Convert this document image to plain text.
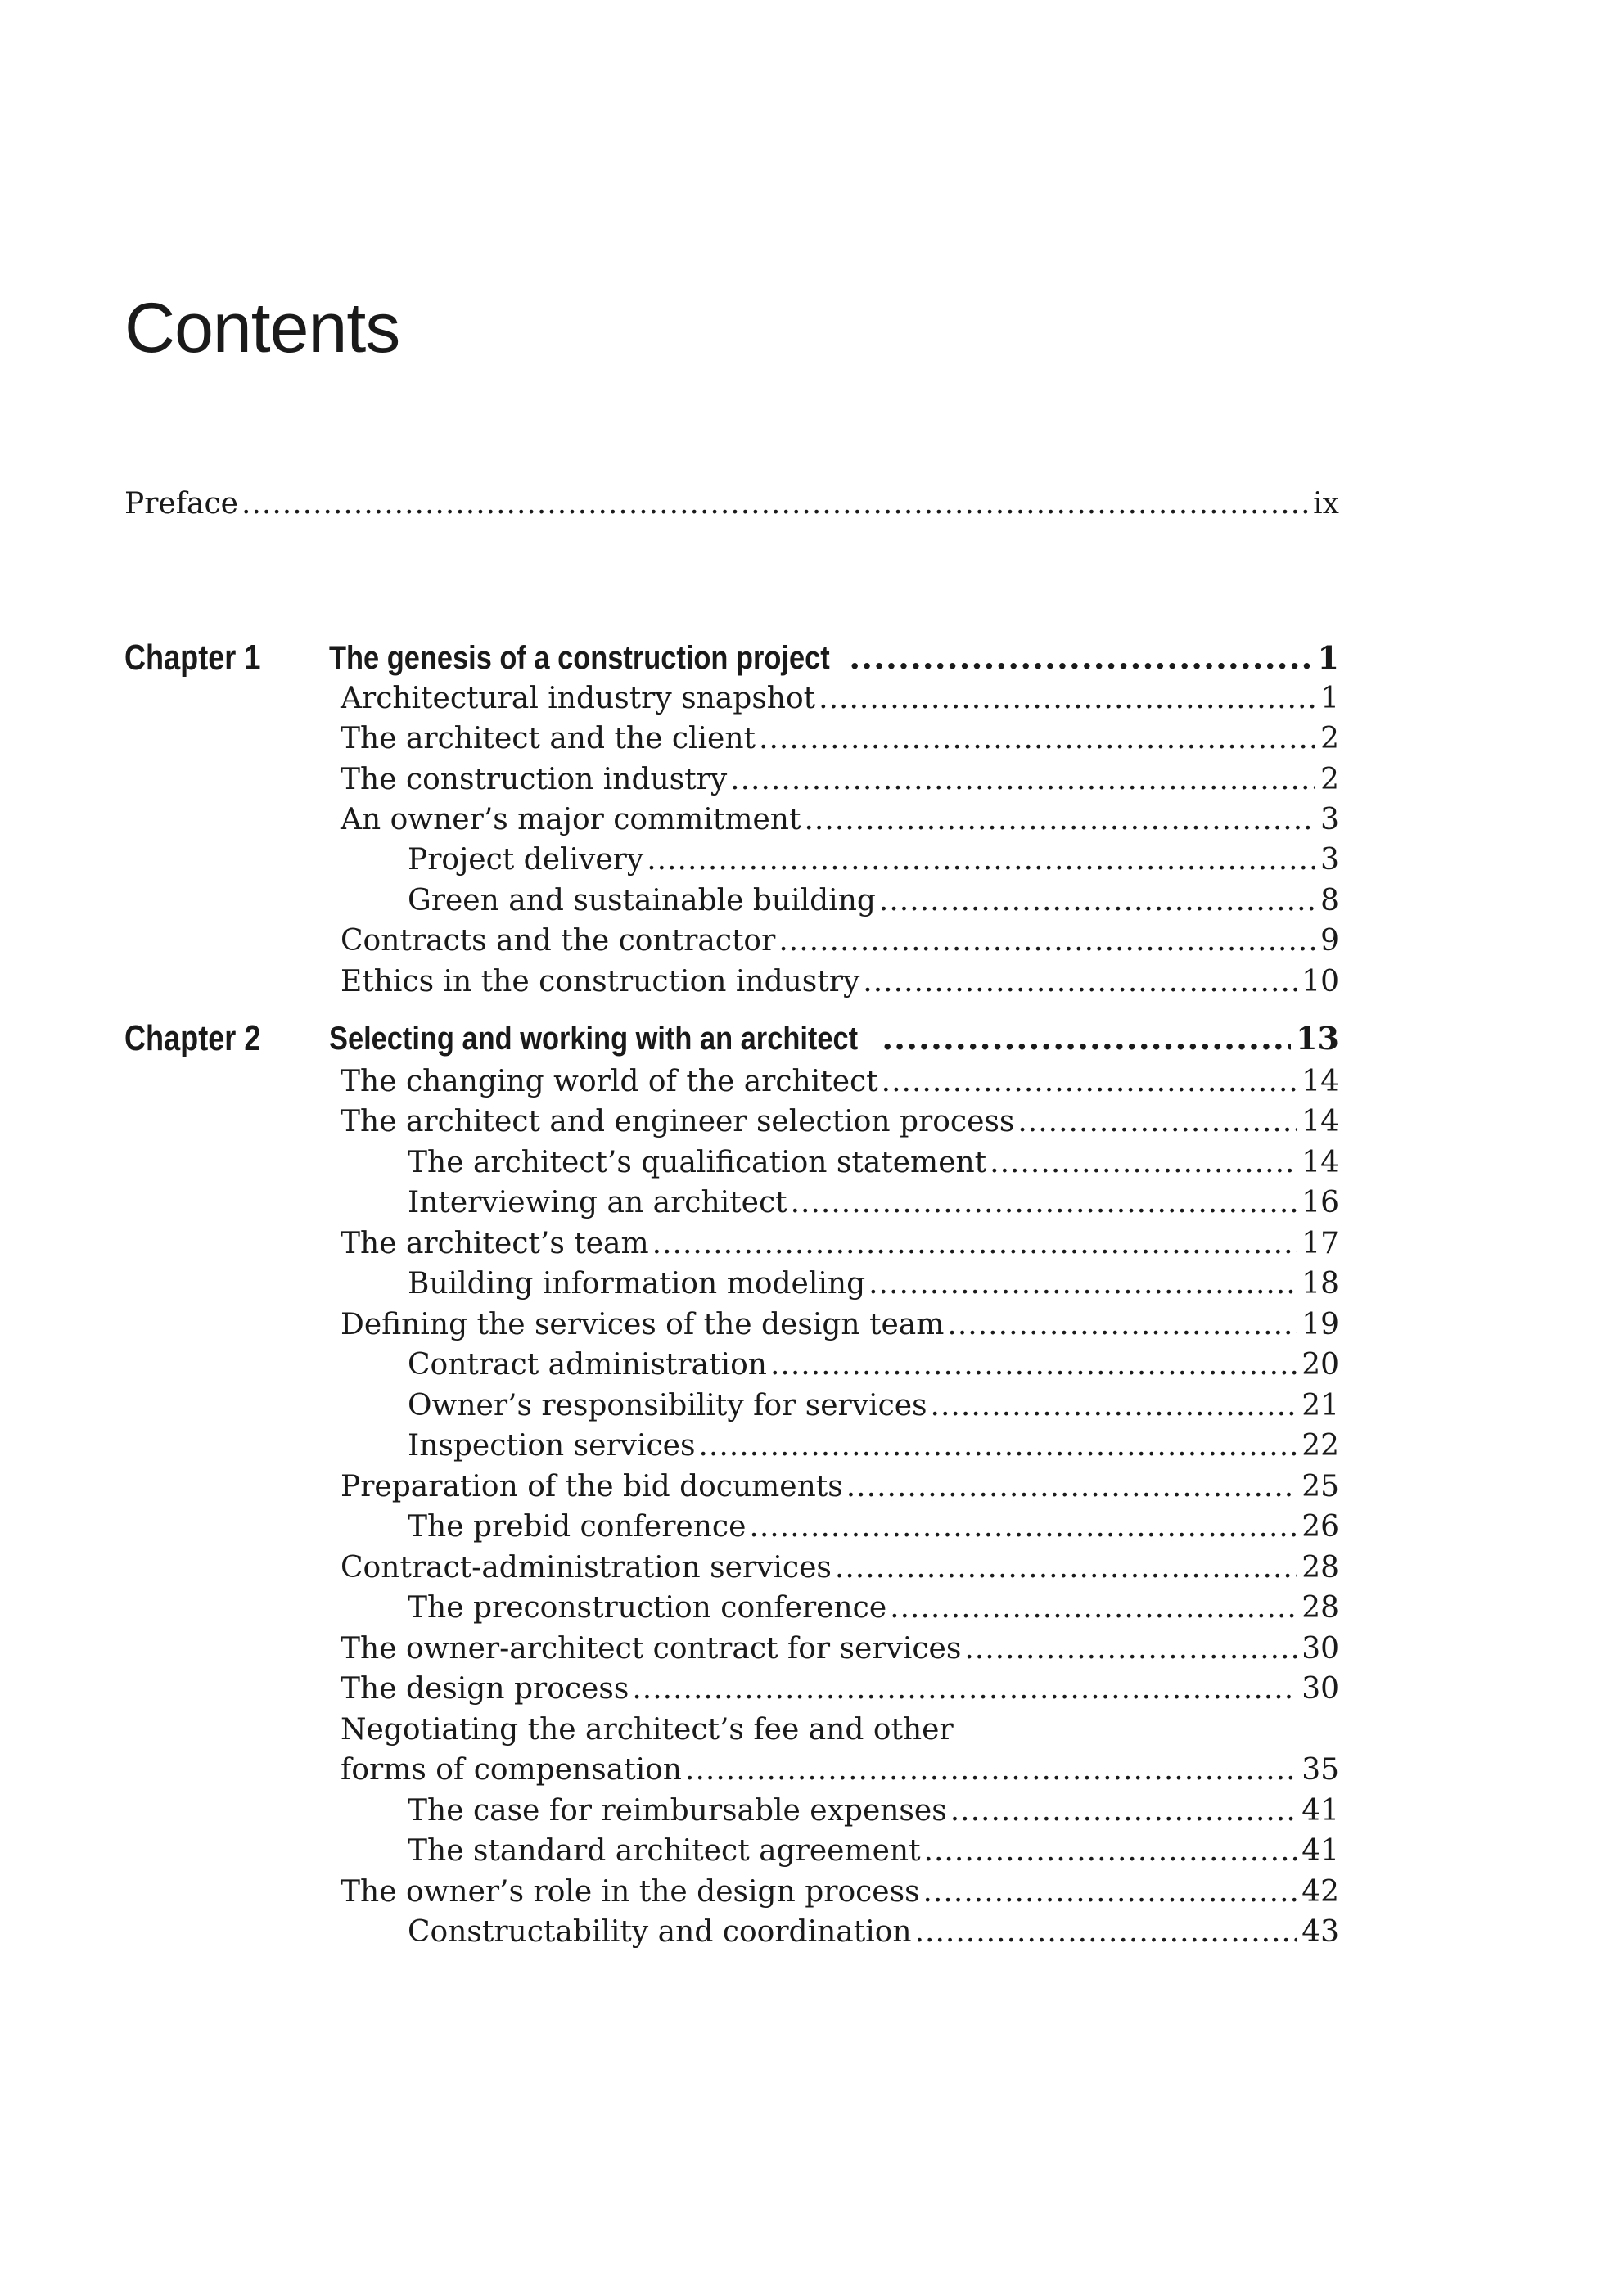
Contents
Preface .....	ix
Chapter 1 The genesis of a construction project .....	1
Architectural industry snapshot .....	1
The architect and the client .....	2
The construction industry .....	2
An owner’s major commitment .....	3
Project delivery .....	3
Green and sustainable building .....	8
Contracts and the contractor .....	9
Ethics in the construction industry .....	10
Chapter 2 Selecting and working with an architect .....	13
The changing world of the architect .....	14
The architect and engineer selection process .....	14
The architect’s qualification statement .....	14
Interviewing an architect .....	16
The architect’s team .....	17
Building information modeling .....	18
Defining the services of the design team .....	19
Contract administration .....	20
Owner’s responsibility for services .....	21
Inspection services .....	22
Preparation of the bid documents .....	25
The prebid conference .....	26
Contract-administration services .....	28
The preconstruction conference .....	28
The owner-architect contract for services .....	30
The design process .....	30
Negotiating the architect’s fee and other
forms of compensation .....	35
The case for reimbursable expenses .....	41
The standard architect agreement .....	41
The owner’s role in the design process .....	42
Constructability and coordination .....	43
